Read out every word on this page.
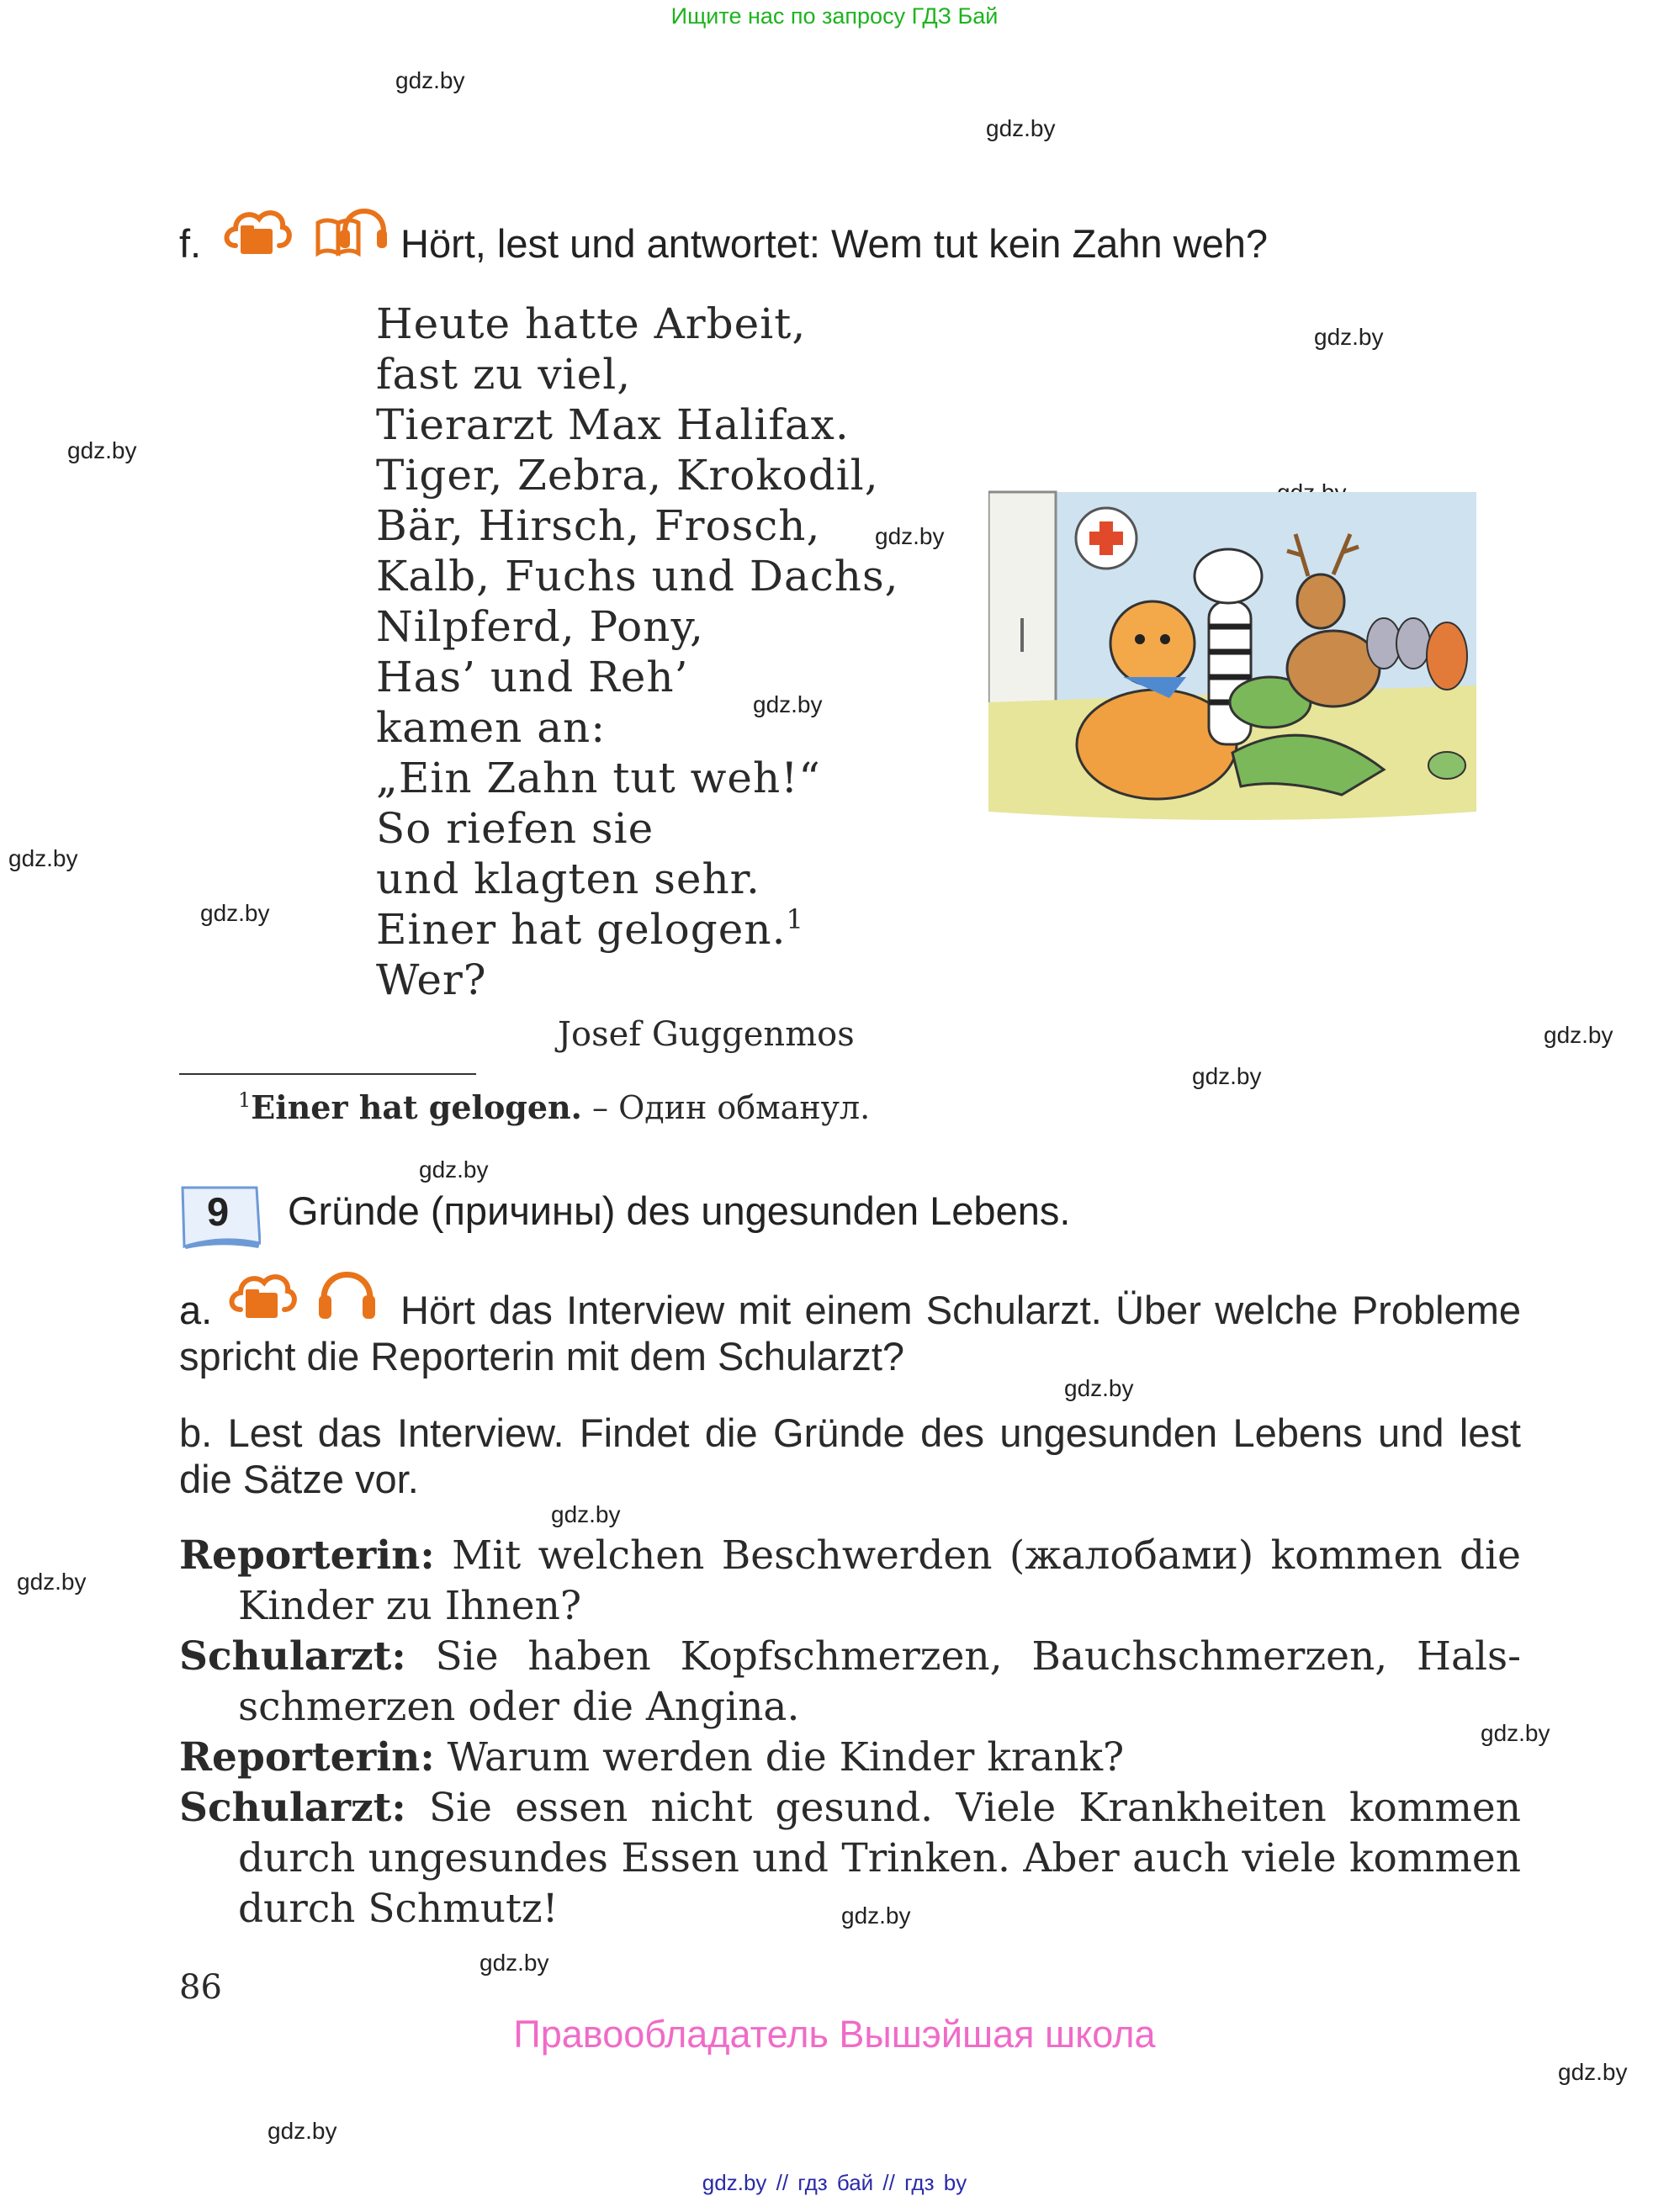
Ищите нас по запросу ГДЗ Бай
gdz.by
gdz.by
gdz.by
gdz.by
gdz.by
gdz.by
gdz.by
gdz.by
gdz.by
gdz.by
gdz.by
gdz.by
gdz.by
gdz.by
gdz.by
gdz.by
gdz.by
gdz.by
gdz.by
f.	Hört, lest und antwortet: Wem tut kein Zahn weh?
Heute hatte Arbeit,
fast zu viel,
Tierarzt Max Halifax.
Tiger, Zebra, Krokodil,
Bär, Hirsch, Frosch,
Kalb, Fuchs und Dachs,
Nilpferd, Pony,
Has’ und Reh’
kamen an:
„Ein Zahn tut weh!“
So riefen sie
und klagten sehr.
Einer hat gelogen.$^1$
Wer?
Josef Guggenmos
$^1$Einer hat gelogen. – Один обманул.
9 Gründe (причины) des ungesunden Lebens.
a.	Hört das Interview mit einem Schularzt. Über welche Probleme spricht die Reporterin mit dem Schularzt?
b. Lest das Interview. Findet die Gründe des ungesunden Lebens und lest die Sätze vor.
Reporterin: Mit welchen Beschwerden (жалобами) kommen die Kinder zu Ihnen?
Schularzt: Sie haben Kopfschmerzen, Bauchschmerzen, Hals-schmerzen oder die Angina.
Reporterin: Warum werden die Kinder krank?
Schularzt: Sie essen nicht gesund. Viele Krankheiten kommen durch ungesundes Essen und Trinken. Aber auch viele kommen durch Schmutz!
86
Правообладатель Вышэйшая школа
gdz.by // гдз бай // гдз by
